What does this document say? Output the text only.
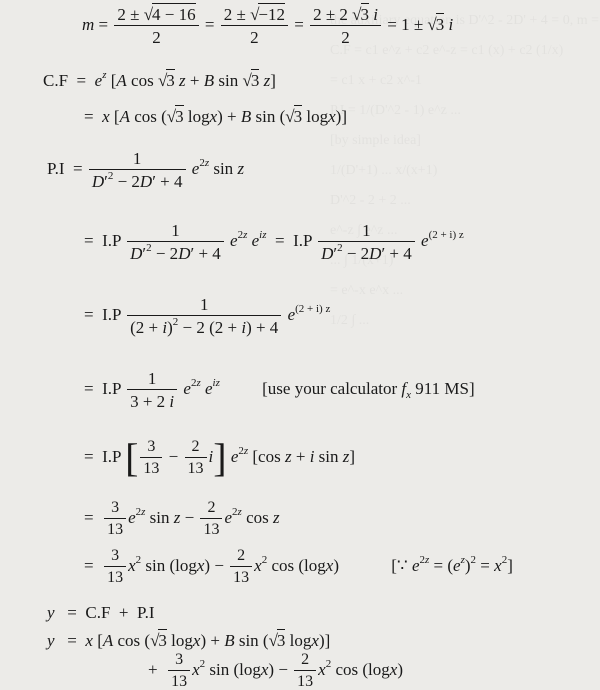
$m = \frac{2 \pm √4 - 16}{2} = \frac{2 \pm √-12}{2} = \frac{2 \pm 2 √3 i}{2} = 1 \pm √3$ i
$C.F = e^z$ [A cos √3 z + B sin √3 z]
=  x [A cos (√3 logx) + B sin (√3 logx)]
$P.I = \frac{1}{D'^2 - 2D' + 4} e^{2z}$ sin z
=  $I.P \frac{1}{D'^2 - 2D' + 4} e^{2z}$ $e^{iz} = I.P \frac{1}{D'^2 - 2D' + 4} e^{(2 + i) z}$
=  $I.P \frac{1}{(2 + i)^2 - 2 (2 + i) + 4} e^{(2 + i) z}$
=  $I.P \frac{1}{3 + 2 i} e^{2z}$ $e^{iz}$ [use your calculator $f_x$ 911 MS]
=  I.P [ $\frac{3}{13} - \frac{2}{13} i$] $e^{2z}$ [cos z + i sin z]
= $\frac{3}{13} e^{2z}$ $\sin z - \frac{2}{13} e^{2z}$ cos z
= $\frac{3}{13} x^2$ $\sin (\log x) - \frac{2}{13} x^2$ cos (logx)	[∵ $e^{2z} = (e^z)^2 = x^2$]
y   =  C.F  +  P.I
y   =  x [A cos (√3 logx) + B sin (√3 logx)]
+ $\frac{3}{13} x^2$ $\sin (\log x) - \frac{2}{13} x^2$ cos (logx)
